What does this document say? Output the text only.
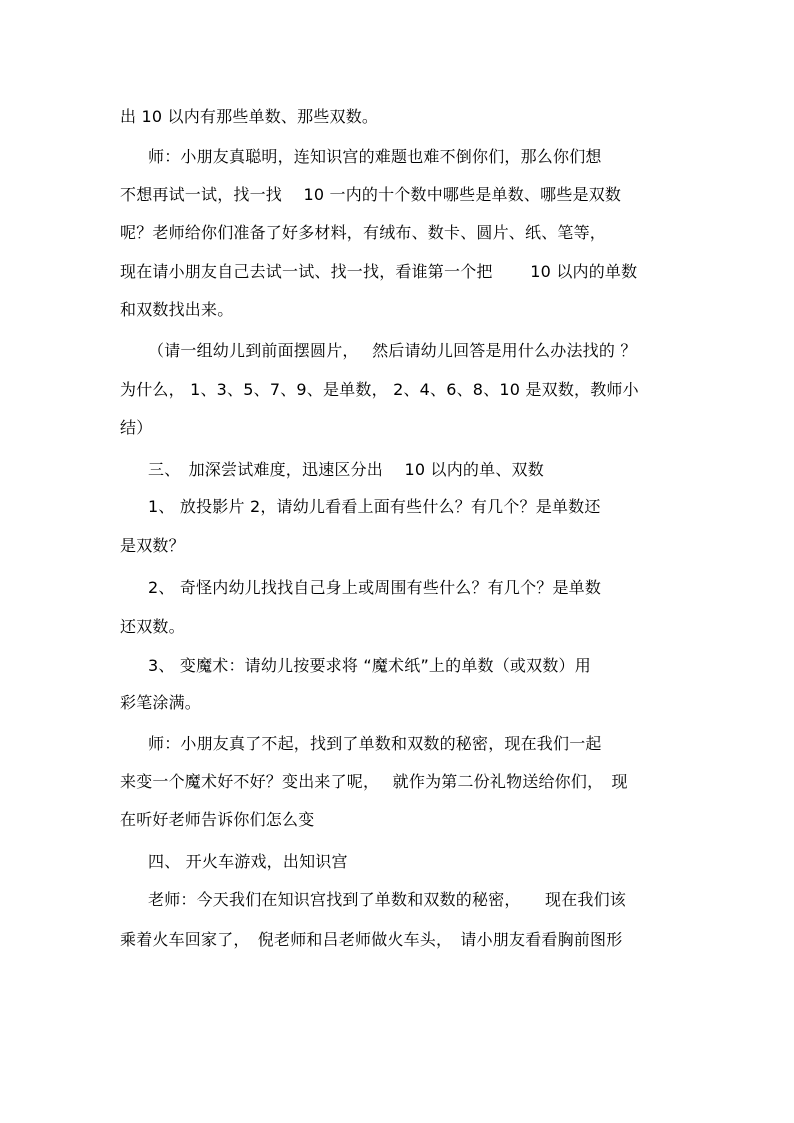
出 10 以内有那些单数、那些双数。
师：小朋友真聪明，连知识宫的难题也难不倒你们，那么你们想
不想再试一试，找一找　 10 一内的十个数中哪些是单数、哪些是双数
呢？老师给你们准备了好多材料，有绒布、数卡、圆片、纸、笔等，
现在请小朋友自己去试一试、找一找，看谁第一个把　　 10 以内的单数
和双数找出来。
（请一组幼儿到前面摆圆片，　 然后请幼儿回答是用什么办法找的 ？
为什么， 1、3、5、7、9、是单数， 2、4、6、8、10 是双数，教师小
结）
三、　加深尝试难度，迅速区分出　 10 以内的单、双数
1、 放投影片 2，请幼儿看看上面有些什么？有几个？是单数还
是双数？
2、 奇怪内幼儿找找自己身上或周围有些什么？有几个？是单数
还双数。
3、 变魔术：请幼儿按要求将 “魔术纸”上的单数（或双数）用
彩笔涂满。
师：小朋友真了不起，找到了单数和双数的秘密，现在我们一起
来变一个魔术好不好？变出来了呢，　 就作为第二份礼物送给你们，　现
在听好老师告诉你们怎么变
四、 开火车游戏，出知识宫
老师：今天我们在知识宫找到了单数和双数的秘密，　　现在我们该
乘着火车回家了，　倪老师和吕老师做火车头，　请小朋友看看胸前图形
